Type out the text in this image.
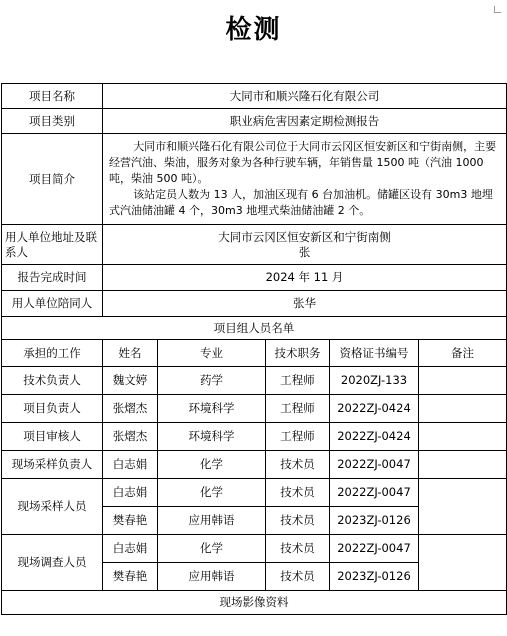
检测
项目名称	大同市和顺兴隆石化有限公司				
项目类别	职业病危害因素定期检测报告				
项目简介	大同市和顺兴隆石化有限公司位于大同市云冈区恒安新区和宁街南侧，主要经营汽油、柴油，服务对象为各种行驶车辆，年销售量 1500 吨（汽油 1000 吨，柴油 500 吨）。

该站定员人数为 13 人，加油区现有 6 台加油机。储罐区设有 30m3 地埋式汽油储油罐 4 个，30m3 地埋式柴油储油罐 2 个。				

用人单位地址及联系人	大同市云冈区恒安新区和宁街南侧
张				

报告完成时间	2024 年 11 月				
用人单位陪同人	张华				
项目组人员名单					
承担的工作	姓名	专业	技术职务	资格证书编号	备注
技术负责人	魏文婷	药学	工程师	2020ZJ-133	
项目负责人	张熠杰	环境科学	工程师	2022ZJ-0424	
项目审核人	张熠杰	环境科学	工程师	2022ZJ-0424	
现场采样负责人	白志娟	化学	技术员	2022ZJ-0047	
现场采样人员	白志娟	化学	技术员	2022ZJ-0047	
	樊春艳	应用韩语	技术员	2023ZJ-0126	
现场调查人员	白志娟	化学	技术员	2022ZJ-0047	
	樊春艳	应用韩语	技术员	2023ZJ-0126	
现场影像资料					
